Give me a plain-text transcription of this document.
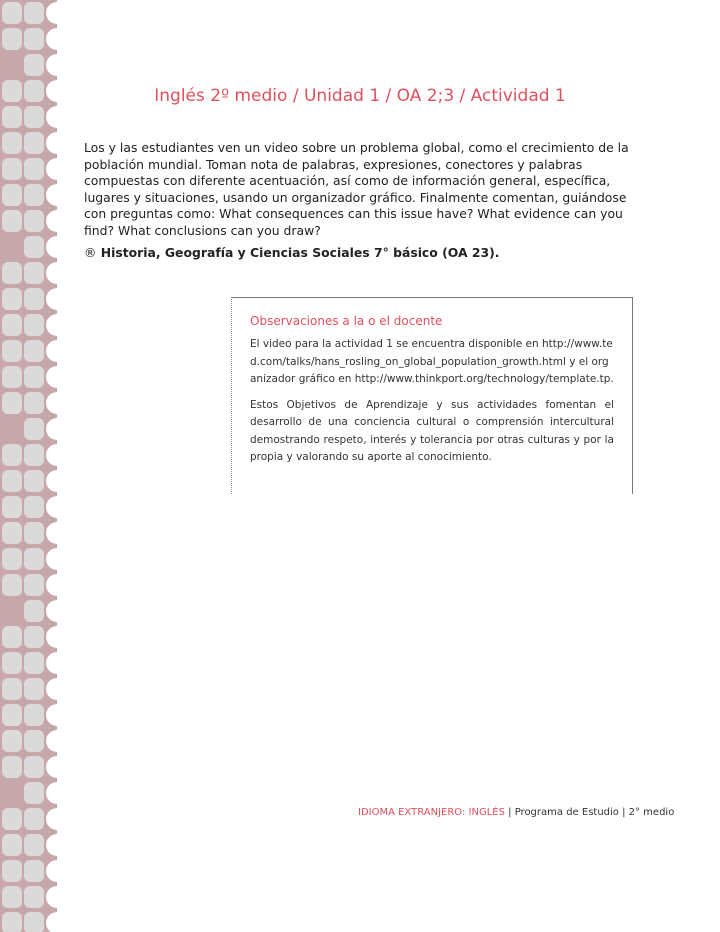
Inglés 2º medio / Unidad 1 / OA 2;3 / Actividad 1
Los y las estudiantes ven un video sobre un problema global, como el crecimiento de la población mundial. Toman nota de palabras, expresiones, conectores y palabras compuestas con diferente acentuación, así como de información general, específica, lugares y situaciones, usando un organizador gráfico. Finalmente comentan, guiándose con preguntas como: What consequences can this issue have? What evidence can you find? What conclusions can you draw?
® Historia, Geografía y Ciencias Sociales 7° básico (OA 23).
Observaciones a la o el docente

El video para la actividad 1 se encuentra disponible en http://www.ted.com/talks/hans_rosling_on_global_population_growth.html y el organizador gráfico en http://www.thinkport.org/technology/template.tp.

Estos Objetivos de Aprendizaje y sus actividades fomentan el desarrollo de una conciencia cultural o comprensión intercultural demostrando respeto, interés y tolerancia por otras culturas y por la propia y valorando su aporte al conocimiento.

IDIOMA EXTRANJERO: INGLÉS | Programa de Estudio | 2° medio
